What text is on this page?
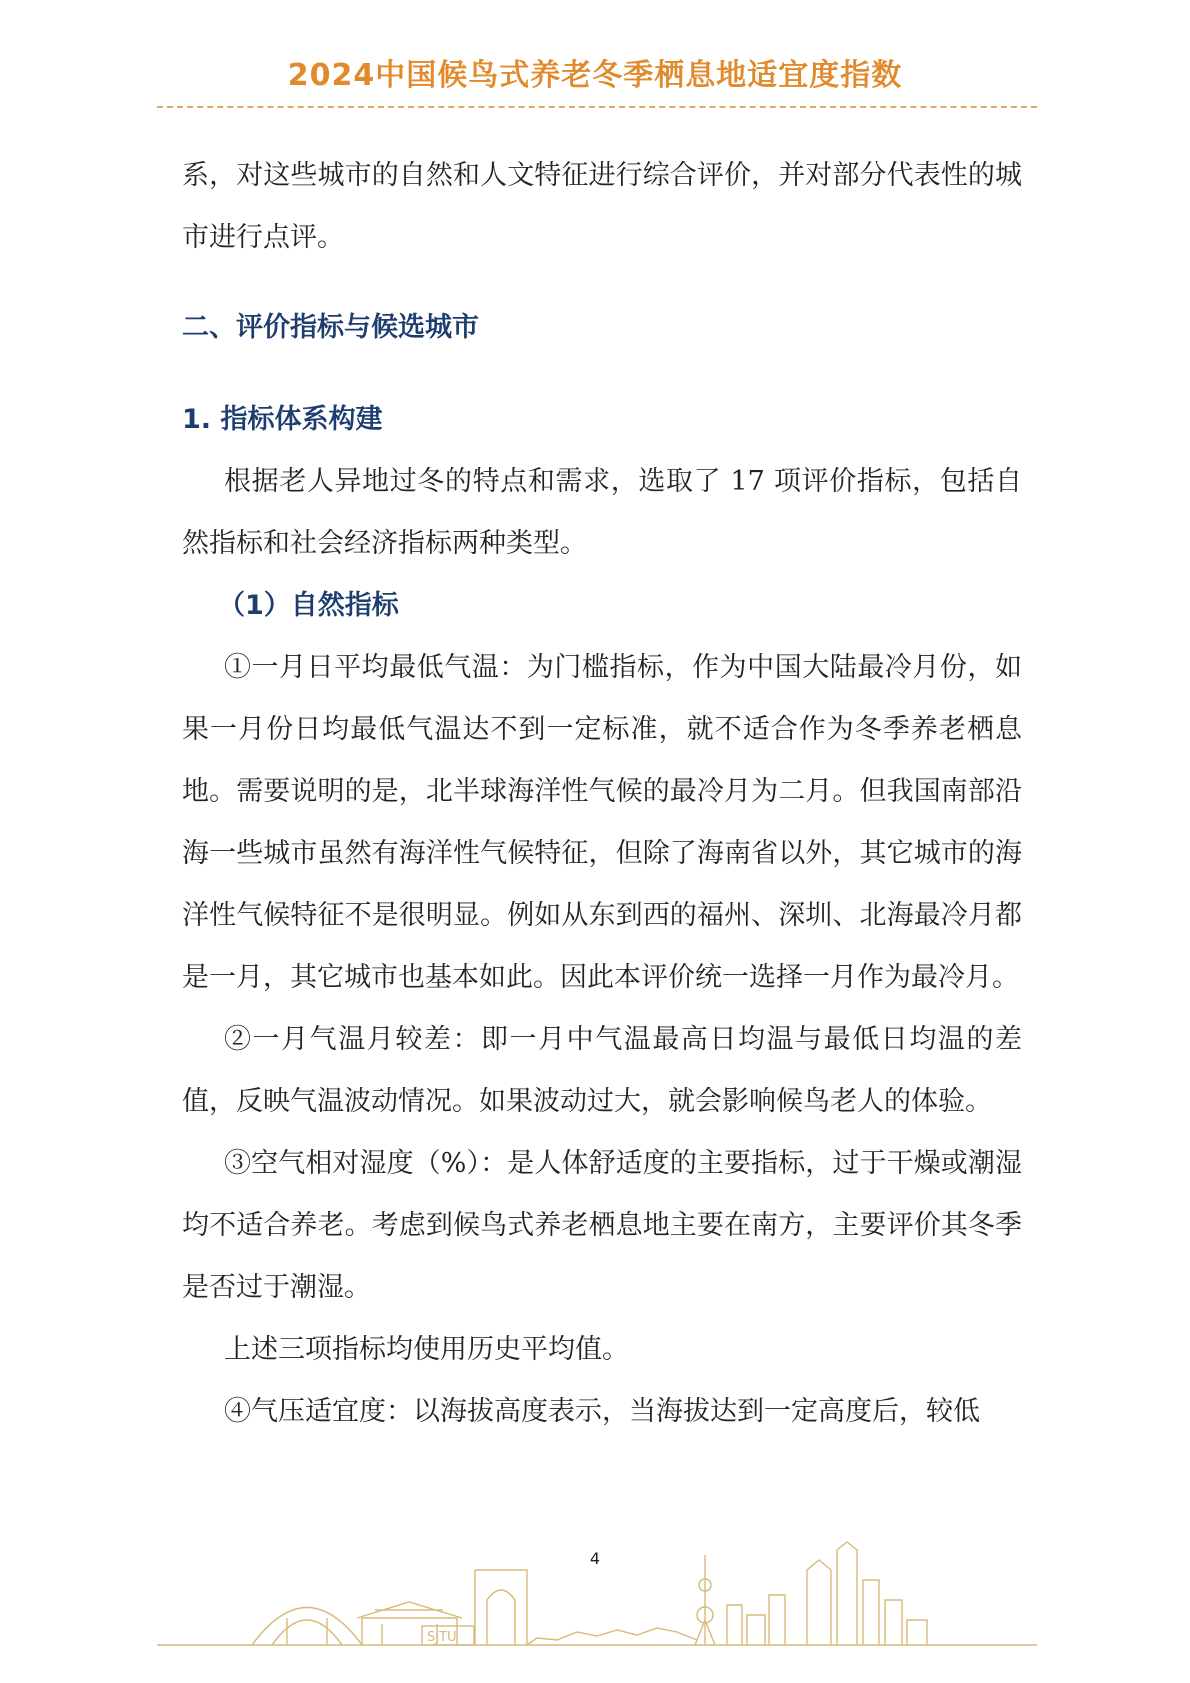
2024中国候鸟式养老冬季栖息地适宜度指数

系，对这些城市的自然和人文特征进行综合评价，并对部分代表性的城市进行点评。

二、评价指标与候选城市
1. 指标体系构建

根据老人异地过冬的特点和需求，选取了 17 项评价指标，包括自然指标和社会经济指标两种类型。

（1）自然指标

①一月日平均最低气温：为门槛指标，作为中国大陆最冷月份，如果一月份日均最低气温达不到一定标准，就不适合作为冬季养老栖息地。需要说明的是，北半球海洋性气候的最冷月为二月。但我国南部沿海一些城市虽然有海洋性气候特征，但除了海南省以外，其它城市的海洋性气候特征不是很明显。例如从东到西的福州、深圳、北海最冷月都是一月，其它城市也基本如此。因此本评价统一选择一月作为最冷月。

②一月气温月较差：即一月中气温最高日均温与最低日均温的差值，反映气温波动情况。如果波动过大，就会影响候鸟老人的体验。

③空气相对湿度（%）：是人体舒适度的主要指标，过于干燥或潮湿均不适合养老。考虑到候鸟式养老栖息地主要在南方，主要评价其冬季是否过于潮湿。

上述三项指标均使用历史平均值。

④气压适宜度：以海拔高度表示，当海拔达到一定高度后，较低

4
SJTU
